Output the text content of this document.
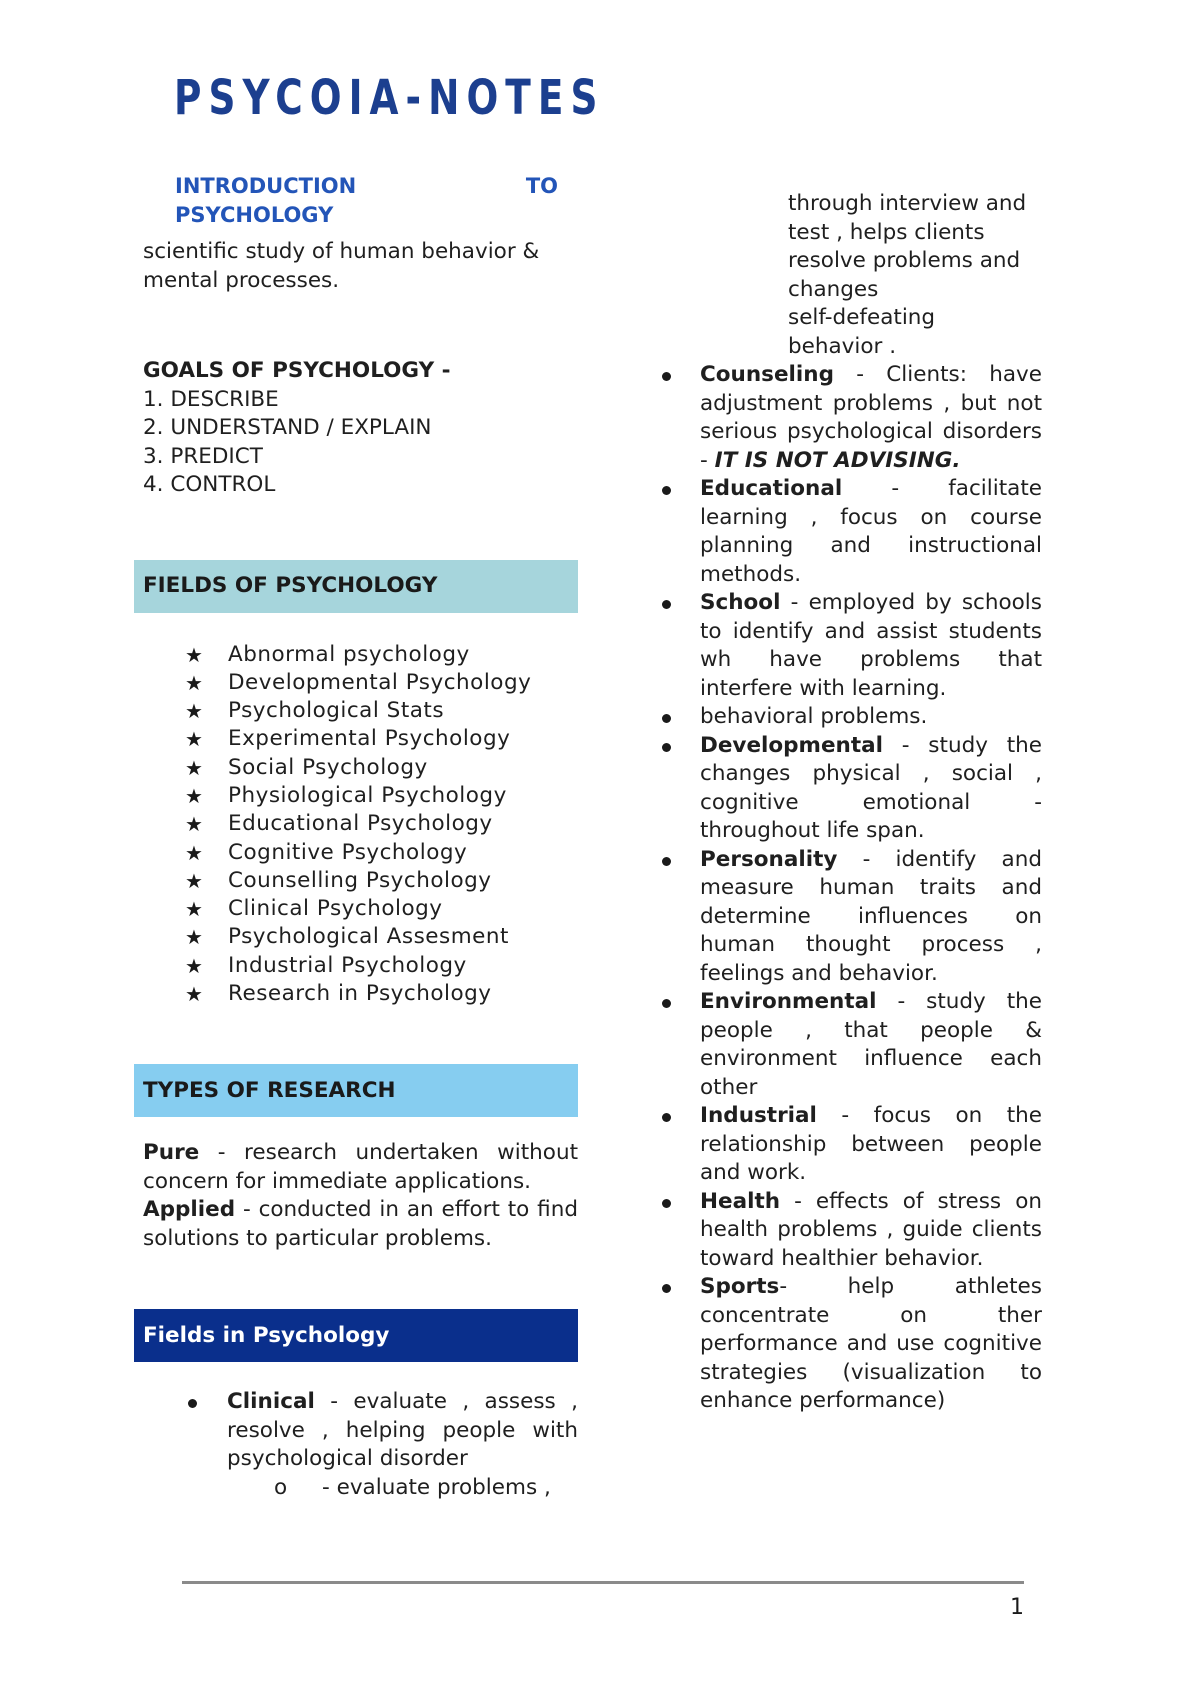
PSYCOIA-NOTES
INTRODUCTION	TO
PSYCHOLOGY

scientific study of human behavior & mental processes.

GOALS OF PSYCHOLOGY -
1. DESCRIBE
2. UNDERSTAND / EXPLAIN
3. PREDICT
4. CONTROL
FIELDS OF PSYCHOLOGY
★	Abnormal psychology
★	Developmental Psychology
★	Psychological Stats
★	Experimental Psychology
★	Social Psychology
★	Physiological Psychology
★	Educational Psychology
★	Cognitive Psychology
★	Counselling Psychology
★	Clinical Psychology
★	Psychological Assesment
★	Industrial Psychology
★	Research in Psychology
TYPES OF RESEARCH

Pure - research undertaken without concern for immediate applications.

Applied - conducted in an effort to find solutions to particular problems.

Fields in Psychology
Clinical - evaluate , assess , resolve , helping people with psychological disorder
o	- evaluate problems ,
through interview and
test , helps clients
resolve problems and
changes
self-defeating
behavior .
Counseling - Clients: have adjustment problems , but not serious psychological disorders - IT IS NOT ADVISING.
Educational - facilitate learning , focus on course planning and instructional methods.
School - employed by schools to identify and assist students wh have problems that interfere with learning.
behavioral problems.
Developmental - study the changes physical , social , cognitive emotional - throughout life span.
Personality - identify and measure human traits and determine influences on human thought process , feelings and behavior.
Environmental - study the people , that people & environment influence each other
Industrial - focus on the relationship between people and work.
Health - effects of stress on health problems , guide clients toward healthier behavior.
Sports- help athletes concentrate on ther performance and use cognitive strategies (visualization to enhance performance)
1
